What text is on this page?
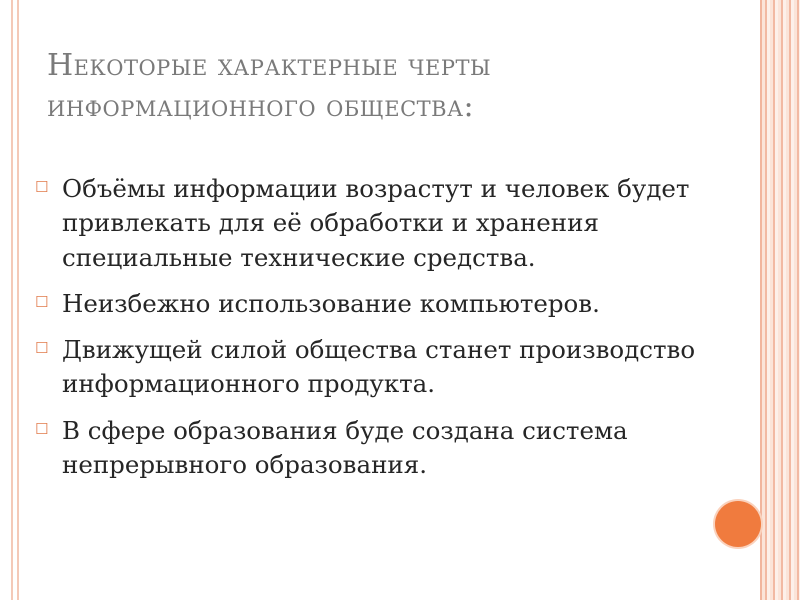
Некоторые характерные черты
информационного общества:
☐ Объёмы информации возрастут и человек будет привлекать для её обработки и хранения специальные технические средства.
☐ Неизбежно использование компьютеров.
☐ Движущей силой общества станет производство информационного продукта.
☐ В сфере образования буде создана система непрерывного образования.
